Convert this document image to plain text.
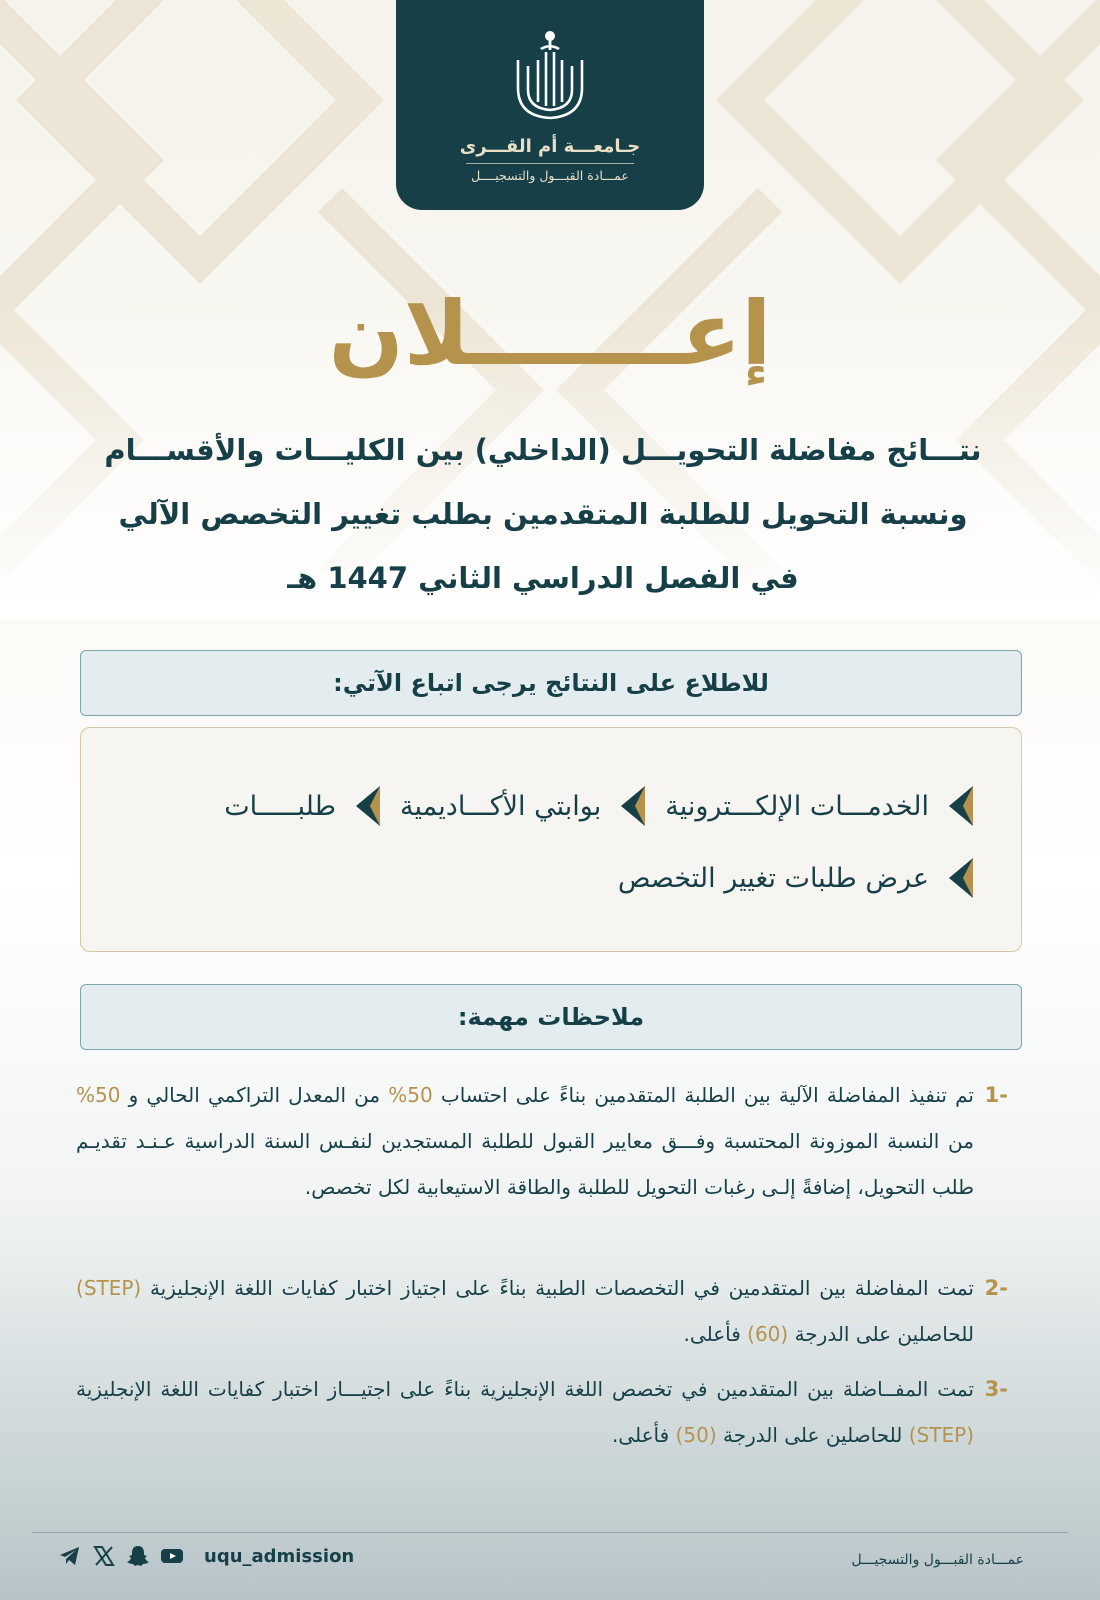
جـامعـــة أم القـــرى
عمـــادة القبـــول والتسجيــــل
إعـــــــلان
نتـــائج مفاضلة التحويـــل (الداخلي) بين الكليـــات والأقســـام
ونسبة التحويل للطلبة المتقدمين بطلب تغيير التخصص الآلي
في الفصل الدراسي الثاني 1447 هـ
للاطلاع على النتائج يرجى اتباع الآتي:
الخدمـــات الإلكـــترونية
بوابتي الأكـــاديمية
طلبـــــات
عرض طلبات تغيير التخصص
ملاحظات مهمة:
-1

تم تنفيذ المفاضلة الآلية بين الطلبة المتقدمين بناءً على احتساب 50% من المعدل التراكمي الحالي و 50% من النسبة الموزونة المحتسبة وفـــق معايير القبول للطلبة المستجدين لنفـس السنة الدراسية عـنـد تقديـم طلب التحويل، إضافةً إلـى رغبات التحويل للطلبة والطاقة الاستيعابية لكل تخصص.

-2

تمت المفاضلة بين المتقدمين في التخصصات الطبية بناءً على اجتياز اختبار كفايات اللغة الإنجليزية (STEP) للحاصلين على الدرجة (60) فأعلى.

-3

تمت المفــاضلة بين المتقدمين في تخصص اللغة الإنجليزية بناءً على اجتيـــاز اختبار كفايات اللغة الإنجليزية (STEP) للحاصلين على الدرجة (50) فأعلى.

عمـــادة القبـــول والتسجيـــل
uqu_admission
